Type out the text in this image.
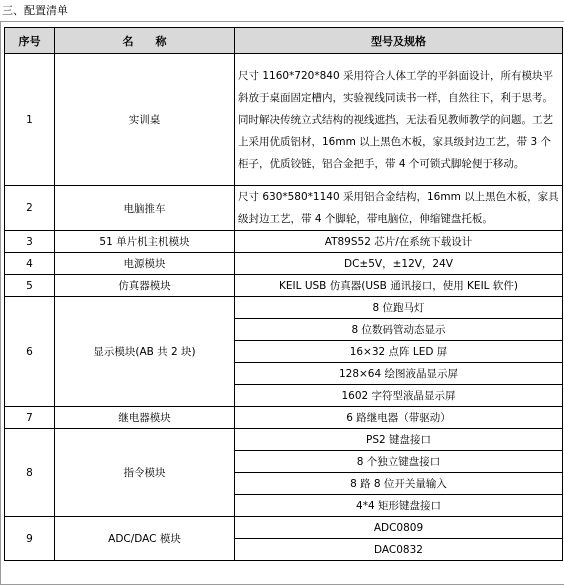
三、配置清单
序号	名　　称	型号及规格
1	实训桌	尺寸 1160*720*840 采用符合人体工学的平斜面设计，所有模块平斜放于桌面固定槽内，实验视线同读书一样，自然往下，利于思考。同时解决传统立式结构的视线遮挡，无法看见教师教学的问题。工艺上采用优质铝材，16mm 以上黑色木板，家具级封边工艺，带 3 个柜子，优质铰链，铝合金把手，带 4 个可锁式脚轮便于移动。
2	电脑推车	尺寸 630*580*1140 采用铝合金结构，16mm 以上黑色木板，家具级封边工艺，带 4 个脚轮，带电脑位，伸缩键盘托板。
3	51 单片机主机模块	AT89S52 芯片/在系统下载设计
4	电源模块	DC±5V，±12V，24V
5	仿真器模块	KEIL USB 仿真器(USB 通讯接口，使用 KEIL 软件)
6	显示模块(AB 共 2 块)	8 位跑马灯
		8 位数码管动态显示
		16×32 点阵 LED 屏
		128×64 绘图液晶显示屏
		1602 字符型液晶显示屏
7	继电器模块	6 路继电器（带驱动）
8	指令模块	PS2 键盘接口
		8 个独立键盘接口
		8 路 8 位开关量输入
		4*4 矩形键盘接口
9	ADC/DAC 模块	ADC0809
		DAC0832
